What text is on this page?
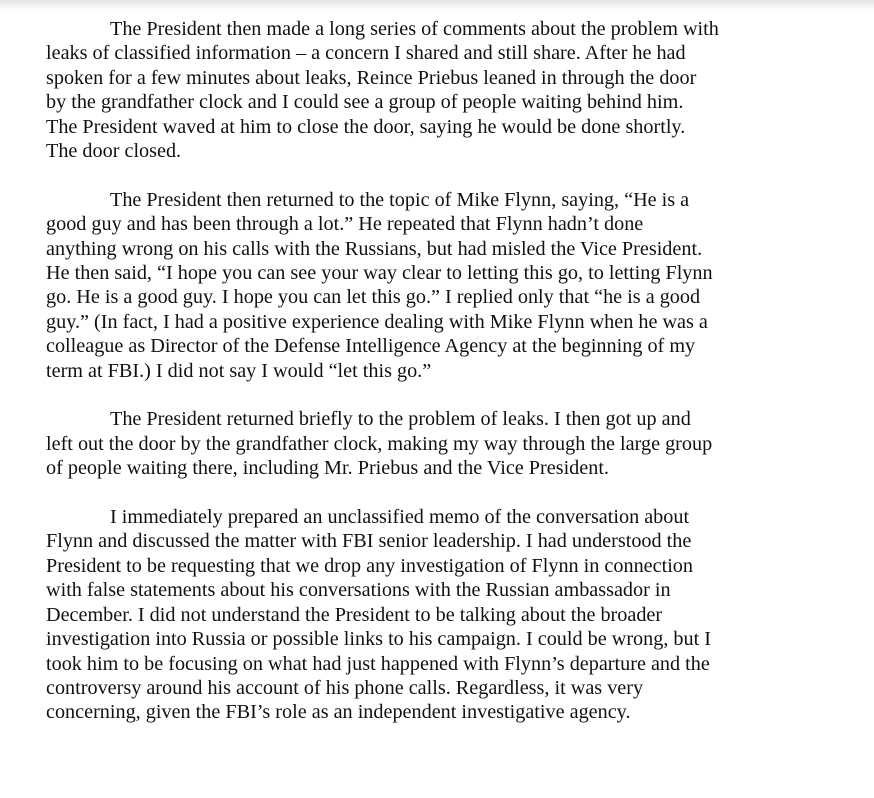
The President then made a long series of comments about the problem with
leaks of classified information – a concern I shared and still share. After he had
spoken for a few minutes about leaks, Reince Priebus leaned in through the door
by the grandfather clock and I could see a group of people waiting behind him.
The President waved at him to close the door, saying he would be done shortly.
The door closed.

The President then returned to the topic of Mike Flynn, saying, “He is a
good guy and has been through a lot.” He repeated that Flynn hadn’t done
anything wrong on his calls with the Russians, but had misled the Vice President.
He then said, “I hope you can see your way clear to letting this go, to letting Flynn
go. He is a good guy. I hope you can let this go.” I replied only that “he is a good
guy.” (In fact, I had a positive experience dealing with Mike Flynn when he was a
colleague as Director of the Defense Intelligence Agency at the beginning of my
term at FBI.) I did not say I would “let this go.”

The President returned briefly to the problem of leaks. I then got up and
left out the door by the grandfather clock, making my way through the large group
of people waiting there, including Mr. Priebus and the Vice President.

I immediately prepared an unclassified memo of the conversation about
Flynn and discussed the matter with FBI senior leadership. I had understood the
President to be requesting that we drop any investigation of Flynn in connection
with false statements about his conversations with the Russian ambassador in
December. I did not understand the President to be talking about the broader
investigation into Russia or possible links to his campaign. I could be wrong, but I
took him to be focusing on what had just happened with Flynn’s departure and the
controversy around his account of his phone calls. Regardless, it was very
concerning, given the FBI’s role as an independent investigative agency.
